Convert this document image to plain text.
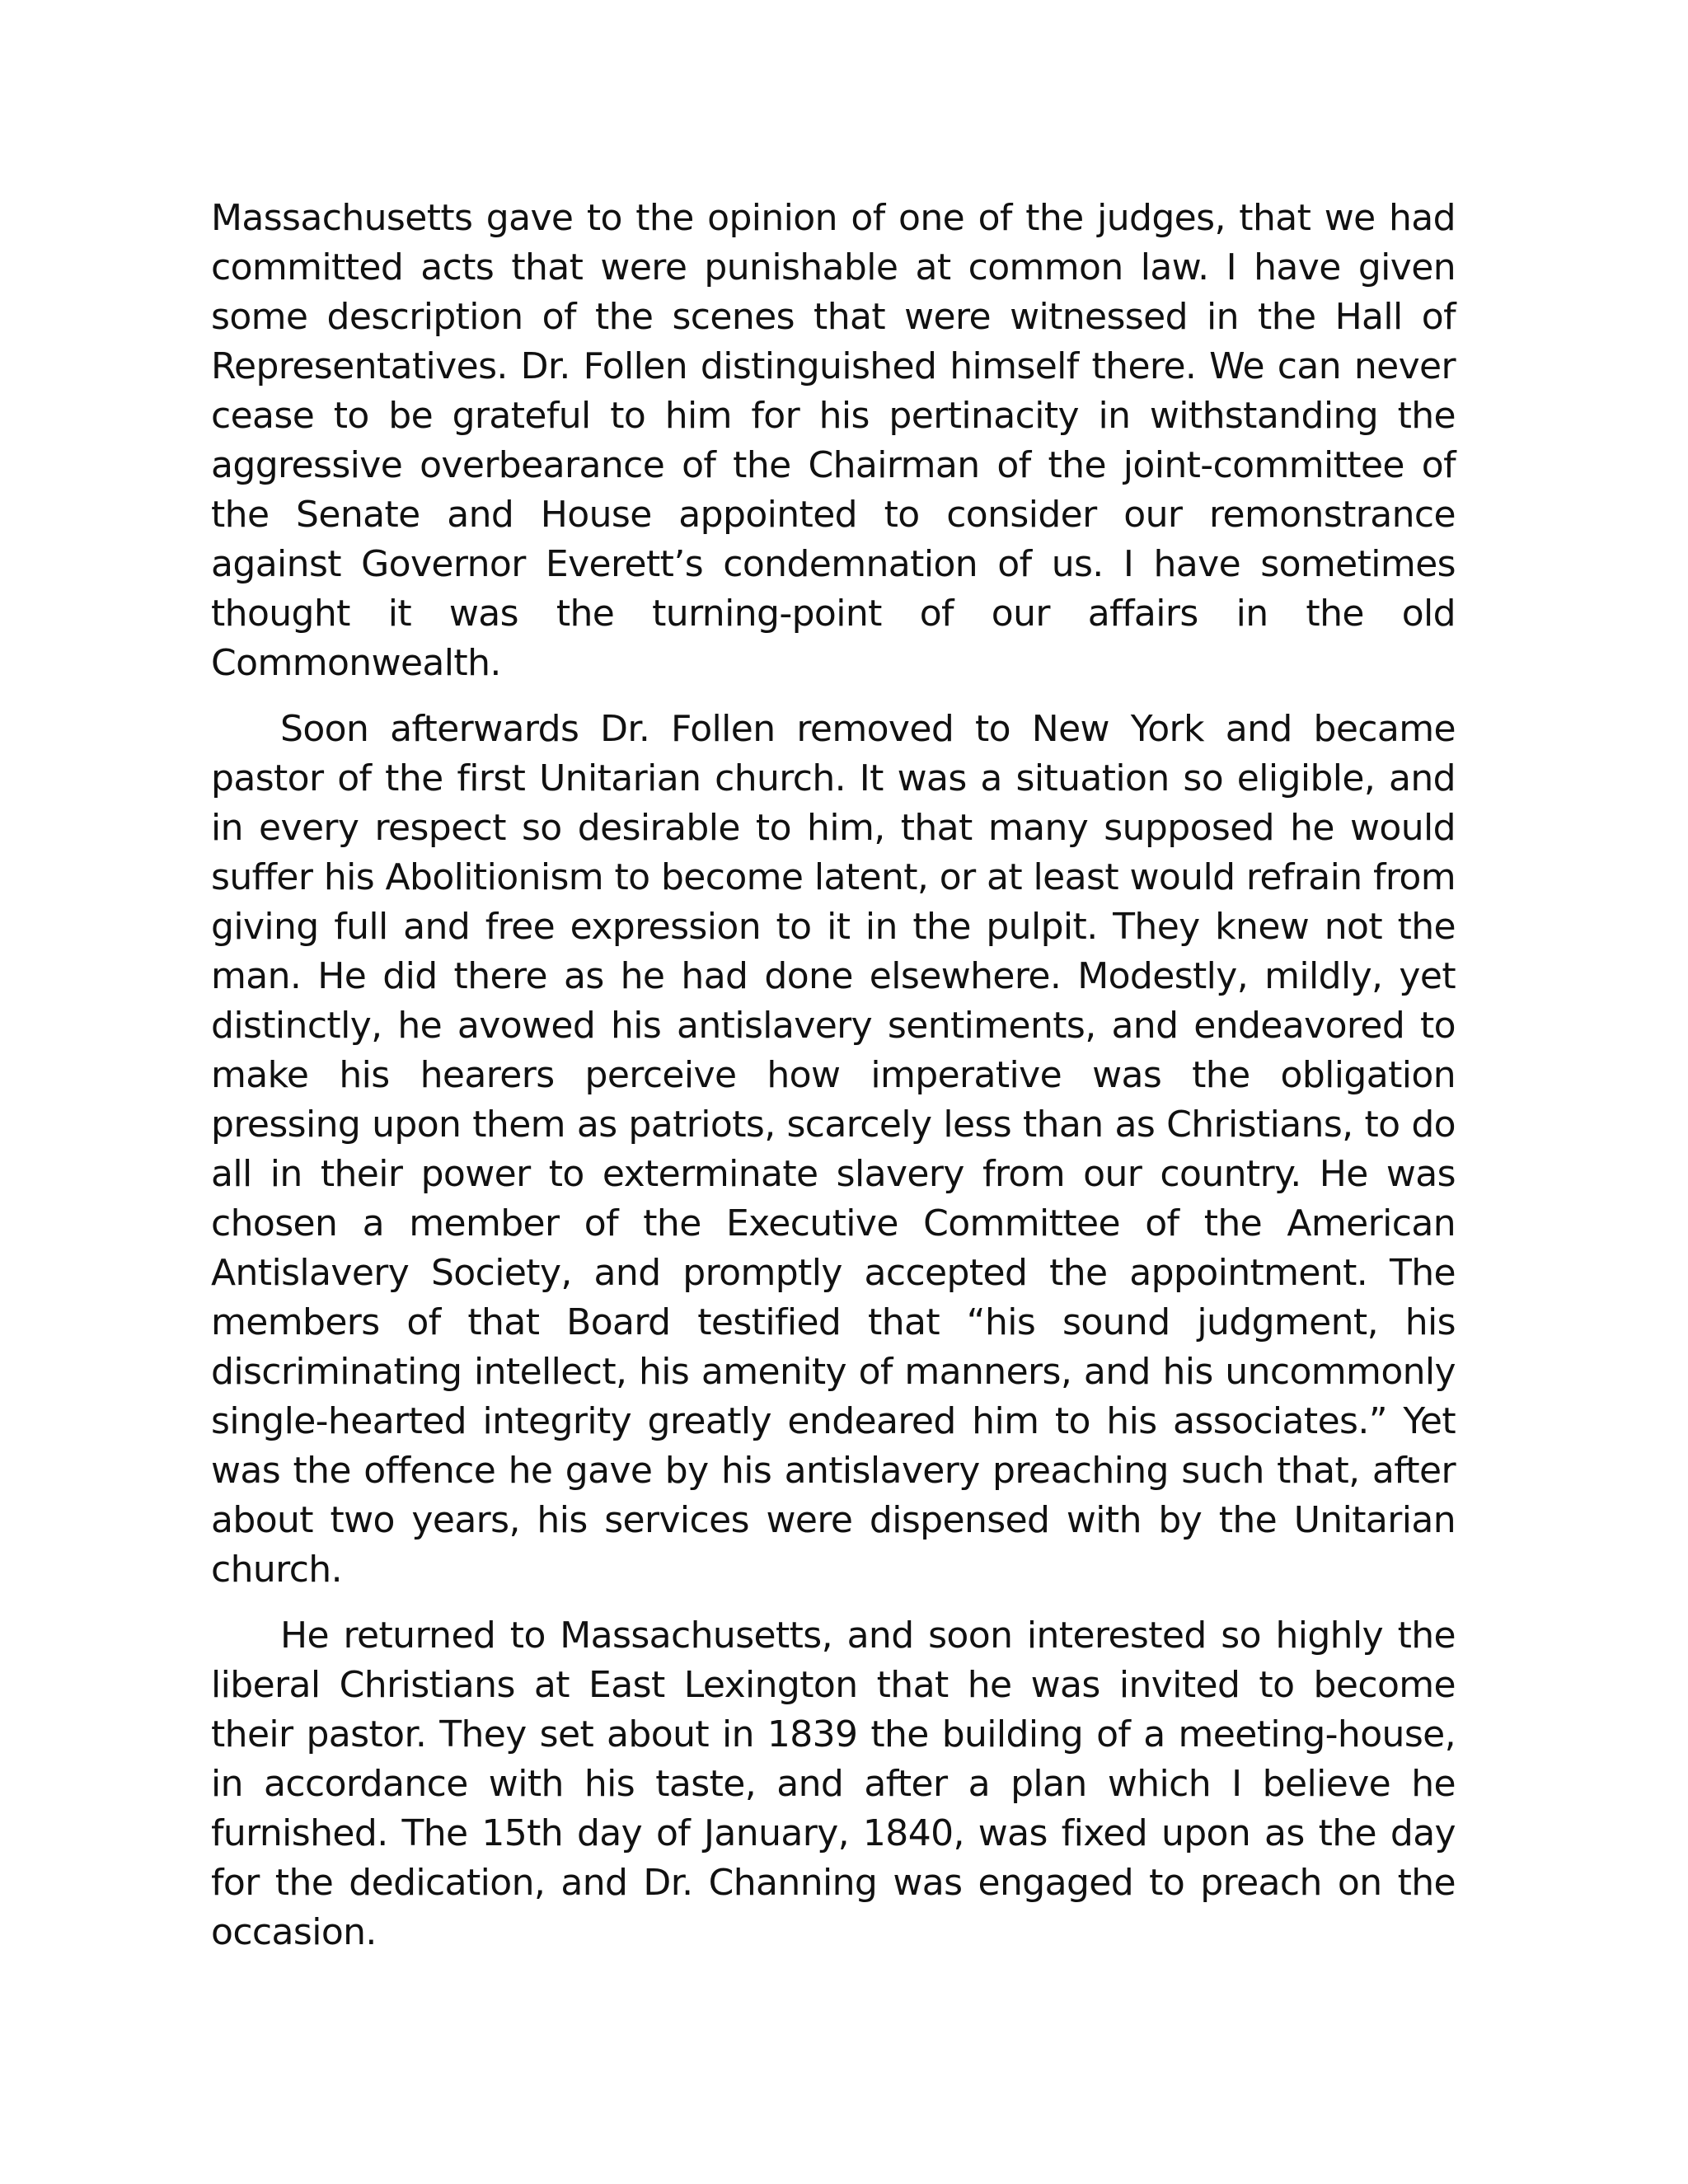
Massachusetts gave to the opinion of one of the judges, that we had committed acts that were punishable at common law. I have given some description of the scenes that were witnessed in the Hall of Representatives. Dr. Follen distinguished himself there. We can never cease to be grateful to him for his pertinacity in withstanding the aggressive overbearance of the Chairman of the joint-committee of the Senate and House appointed to consider our remonstrance against Governor Everett’s condemnation of us. I have sometimes thought it was the turning-point of our affairs in the old Commonwealth.

Soon afterwards Dr. Follen removed to New York and became pastor of the first Unitarian church. It was a situation so eligible, and in every respect so desirable to him, that many supposed he would suffer his Abolitionism to become latent, or at least would refrain from giving full and free expression to it in the pulpit. They knew not the man. He did there as he had done elsewhere. Modestly, mildly, yet distinctly, he avowed his antislavery sentiments, and endeavored to make his hearers perceive how imperative was the obligation pressing upon them as patriots, scarcely less than as Christians, to do all in their power to exterminate slavery from our country. He was chosen a member of the Executive Committee of the American Antislavery Society, and promptly accepted the appointment. The members of that Board testified that “his sound judgment, his discriminating intellect, his amenity of manners, and his uncommonly single-hearted integrity greatly endeared him to his associates.” Yet was the offence he gave by his antislavery preaching such that, after about two years, his services were dispensed with by the Unitarian church.

He returned to Massachusetts, and soon interested so highly the liberal Christians at East Lexington that he was invited to become their pastor. They set about in 1839 the building of a meeting-house, in accordance with his taste, and after a plan which I believe he furnished. The 15th day of January, 1840, was fixed upon as the day for the dedication, and Dr. Channing was engaged to preach on the occasion.
